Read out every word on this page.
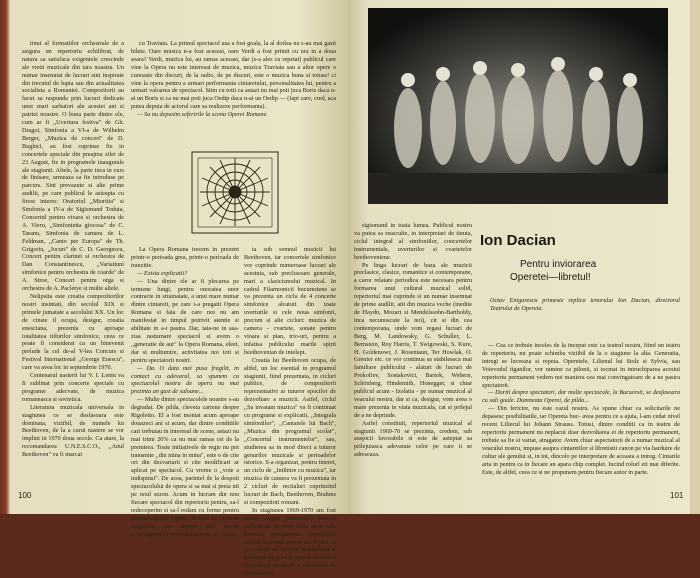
tinut al formatiilor orchestrale de a asigura un repertoriu echilibrat, de natura sa satisfaca exigentele crescinde ale vietii muzicale din tara noastra. Un numar insemnat de lucrari sint inspirate din trecutul de lupta sau din actualitatea socialista a Romaniei. Compozitorii au facut sa raspunda prin lucrari dedicate unor mari sarbatori ale acestei ani si patriei noastre. O buna parte dintre ele, cum ar fi ,,Uvertura festiva" de Gh. Dragoi, Simfonia a VI-a de Wilhelm Berger, ,,Muzica de concert" de D. Bughici, au fost cuprinse fie in concertele speciale din preajma zilei de 23 August, fie in programele inaugurale ale stagiunii. Altele, la parte inca in curs de finisare, urmeaza sa fie introduse pe parcurs. Sint prevazute si alte prime audilii, pe care publicul le asteapta cu firesc interes: Oratoriul ,,Mioritia" si Simfonia a IV-a de Sigismund Toduta, Concertul pentru vioara si orchestra de A. Vieru, ,,Simfonietta giocosa" de C. Taranu, Simfonia de camera de L. Feldman, ,,Canto per Europa" de Th. Grigoriu, ,,Jocuri" de C. D. Georgescu, Concert pentru clarinet si orchestra de Dan Constantinescu, ,,Variatiuni simfonice pentru orchestra de coarde" de A. Stroe, Concert pentru orga si orchestra de A. Pacletye si multe altele.

Nelipsita este creatia compozitorilor nostri insintati, din secolul XIX si primele jumatate a secolului XX. Un loc de cinste il ocupa, desigur, creatia enesciana, prezenta cu aproape totalitatea titlurilor simfonice, ceea ce poate fi considerat ca un binevenit prelude la cel de-al V-lea Concurs si Festival International ,,George Enescu", care va avea loc in septembrie 1970.

Centenarul nasterii lui V. I. Lenin va fi sublinat prin concerte speciale cu programe adecvate, de muzica romaneasca si sovietica.

Literatura muzicala universala in stagiunea ce se desfasoara este dominata, viziibil, de numele lui Beethoven, de la a carui nastere se vor implini in 1970 doua secole. Ca atare, la recomandarea U.N.E.S.C.O., ,,Anul Beethoven" va fi marcat

cu Traviata. La primul spectacol usa a fost goala, la al doilea nu s-au mai gasit bilete. Oare musica n-a fost aceeasi, oare Verdi a fost primit cu ura in a doua seara? Verdi, muzica lui, au ramas aceeasi, dar (s-a ales cu repetat) publicul care vine la Opera nu este interesat de muzica, muzica Traviata sau a altor opere o cunoaste din discuri, de la radio, de pe discuri, este o muzica buna si totuse! ci vine la opera pentru a urmari performanta cintaretului, personalitatea lui, pentru a urmari valoarea de spectacol. Stim cu totii ca astazi nu mai poti juca Boris daca n-ai un Boris si ca nu mai poti juca Oedip daca n-ai un Oedip — (fapt care, cred, aca putea deputa de actorul care sa realizeze performanta).

— Sa nu depasim seferirile la scena Operei Romane.

La Opera Romana trecem in prezent printr-o perioada grea, printr-o perioada de tranzitie.

— Exista explicatii?

— Una dintre ele ar fi plecarea pe termene lungi, pentru onoratea unor contracte in strainatate, a unui mare numar dintre cintareti, pe care i-a pregatit Opera Romana si fata de care noi nu am manifestat in timpul potrivit atentie si abilitate in a-i pastra. Dar, iata-ne in asa-zisa rasturnare spectacol si avem o ,,generatie de aur" la Opera Romana, eleet, dar si multumire, activitatea noi toti si pentru spectatorii nostri.

— Da. O data mei pusa fragilit, in contact cu adevarul, sa spunem ca spectacolul nostru de opera nu mai prezinta un gust de saloane...

— Multe dintre spectacolele noastre s-au degradat. De pilda, cleveta cariene despre Rigoletto. El a fost montat acum aproape douazeci ani si acum, dar dintre conditiile cari trebuiau in interesul de scene, astazi nu mai trimi 20% ca nu mai ramas cei de la premiera. Toate initiativele de regie nu pot transmite ,,din mina in mina", este o de cite ori din dezvartarii si cite modificari ar aplicat pe spectacol. Cu vreme o ,,voie a indispinsi". De acea, parintel de la despoti spectacolului de opera si sa mai si preia nii pe noul sezon. Acum in lucram din nou fiecare spectacol din repertoriu pentru, sa-l redecoperim si sa-l redam cu forme pentru lumina cultului tepitor. In ceea ce priveste stagiunea care incepe, aici ploaie convingerea ca vom obtine treze de succes.

ta sub semnul muzicii lui Beethoven, iar concertele simfonice vor cuprinde numeroase lucrari ale acestuia, sub preclusoare generale, mari a clasicismului muzical. In cadrul Filarmonicii bucurestene se va prezenta un ciclu de 4 concerte simfonice alcatuit din toate uverturile si cele noua simfonii, precum si alte cicluri: muzica de camera - cvartete, sonate pentru vioara si pian, trio-uri, pentru a infatisa publicului marile spirit beethovenian de intelept.

Creatia lui Beethoven ocupa, de altfel, un loc esential in programul stagiunii, fiind prezentata, in cicluri publice, de compozitorii reprezentativi ai tuturor epocilor de dezvoltare a muzicii. Astfel, ciclul ,,Sa invatam muzica" va fi continuat cu programe si explicatii, ,,Integrala simfoniilor", ,,Cantatele lui Bach", ,,Muzica din programul scolar", ,,Concertul instrumentelor", sau, studierea sa in mod direct a tuturor genurilor muzicale si perioadelor istorice. S-a organizat, pentru tineret, un ciclu de ,,Intilnire cu muzica", iar muzica de camera va fi prezentata in 2 cicluri de recitaluri cuprinzind lucrari de Bach, Beethoven, Brahms si compozitori romani.

In stagiunea 1969-1970 am fost atenti asupra prezentarii muzicii orchestrale in orase unde nu se afla formatii permanente. Importanta acestei activitati reiese din faptul ca ea trebuie sa sprijine raspindirea si formarea de gust in sensul stimularii dezvoltarii muzicale a publicului de pretutindeni.

100

sigismund in toata lumea. Publicul nostru va putea sa reasculte, in interpretari de tinuta, ciclul integral al simfoniilor, concertelor instrumentale, uverturilor si cvartetelor beethoveniene.

Pe linga lucrari de baza ale muzicii preclasice, clasice, romantice si contemporane, a caror relatare periodica este necesara pentru formarea unui cultural muzical solid, repertoriul mai cuprinde si un numar insemnat de prime audilii, atit din muzica veche (inedite de Haydn, Mozart si Mendelssohn-Bartholdy, inca necunoscute la noi), cit si din cea contemporana, unde vom regasi lucrari de Berg, M. Landowsky, G. Schuller, L. Bernstein, Roy Harris, T. Swigowski, S. Kure, H. Goldenowr, J. Rosentaun, Ter Howlak, O. Grenier etc. ce vor continua sa stabileasca mai familiare publicului - alaturi de lucrari de Prokofiev, Sostakovici, Bartok, Webern, Schönberg, Hindemith, Honegger, si chiar publicul acum - Izolatia - pe numar muzical al veacului nostru, dar si ca, desigur, vom avea o mare prezenta in viata muzicala, cat si prilejul de a ne deprinde.

Astfel constituit, repertoriul muzical al stagiunii 1969-70 se prezinta, credem, sub auspicii favorabile si este de asteptat sa prilejuiasca adevarate celor pe care ii se adreseaza.

— Cea ce trebuie inceles de la inceput este ca teatrul nostru, fiind un teatru de repertoriu, nu poate schimba viziibil de la o stagiune la alta. Generatia, intregi se lucreaza si repeta. Operetele, Lilienul lui Stolz si Sylvia, sau Voievodul tiganilor, vor ramine ca pilonii, si tocmai in intruchiparea acestui repertoriu permanent vedem noi maniera cea mai convingatoare de a ne pastra spectatorii.

— Doriti despre spectatori, dar multe spectacole, la Bucuresti, se desfasoara cu sali goale. Dumneata Operei, de pilda...

— Din fericire, nu este cazul nostru. As spune chiar ca solicitarile ne depasesc posibilitatile, iar Opereta buc- avea pentru ce a ajuta, l-am cedat nivel recent Liliecul lui Johann Strauss. Totusi, dintre conditii ca in teatru de repertoriu permanent nu neplacut doar dezvoltarea ei de repertoriu permanent, trebuie sa fie si variat, atragator. Avem chiar aspectatorii de a numar muzical al veacului nostru, impuse asupra cintaretilor si libretistii canon pe via harduire de cultur ale genului si, in tot, dincolo pe interpretare de aceasta a intreg. Cintarile arta in pentru ca in fiecare an apara chip complet. Iucind rolurl eti mai diferite. Este, de altfel, ceea ce si ne propunem pentru fiecare autor in parte.

101
Ion Dacian
Pentru inviorarea
Operetei—libretul!
Octav Enigarescu primeste replica tenorului Ion Dacian, directorul Teatrului de Opereta.
